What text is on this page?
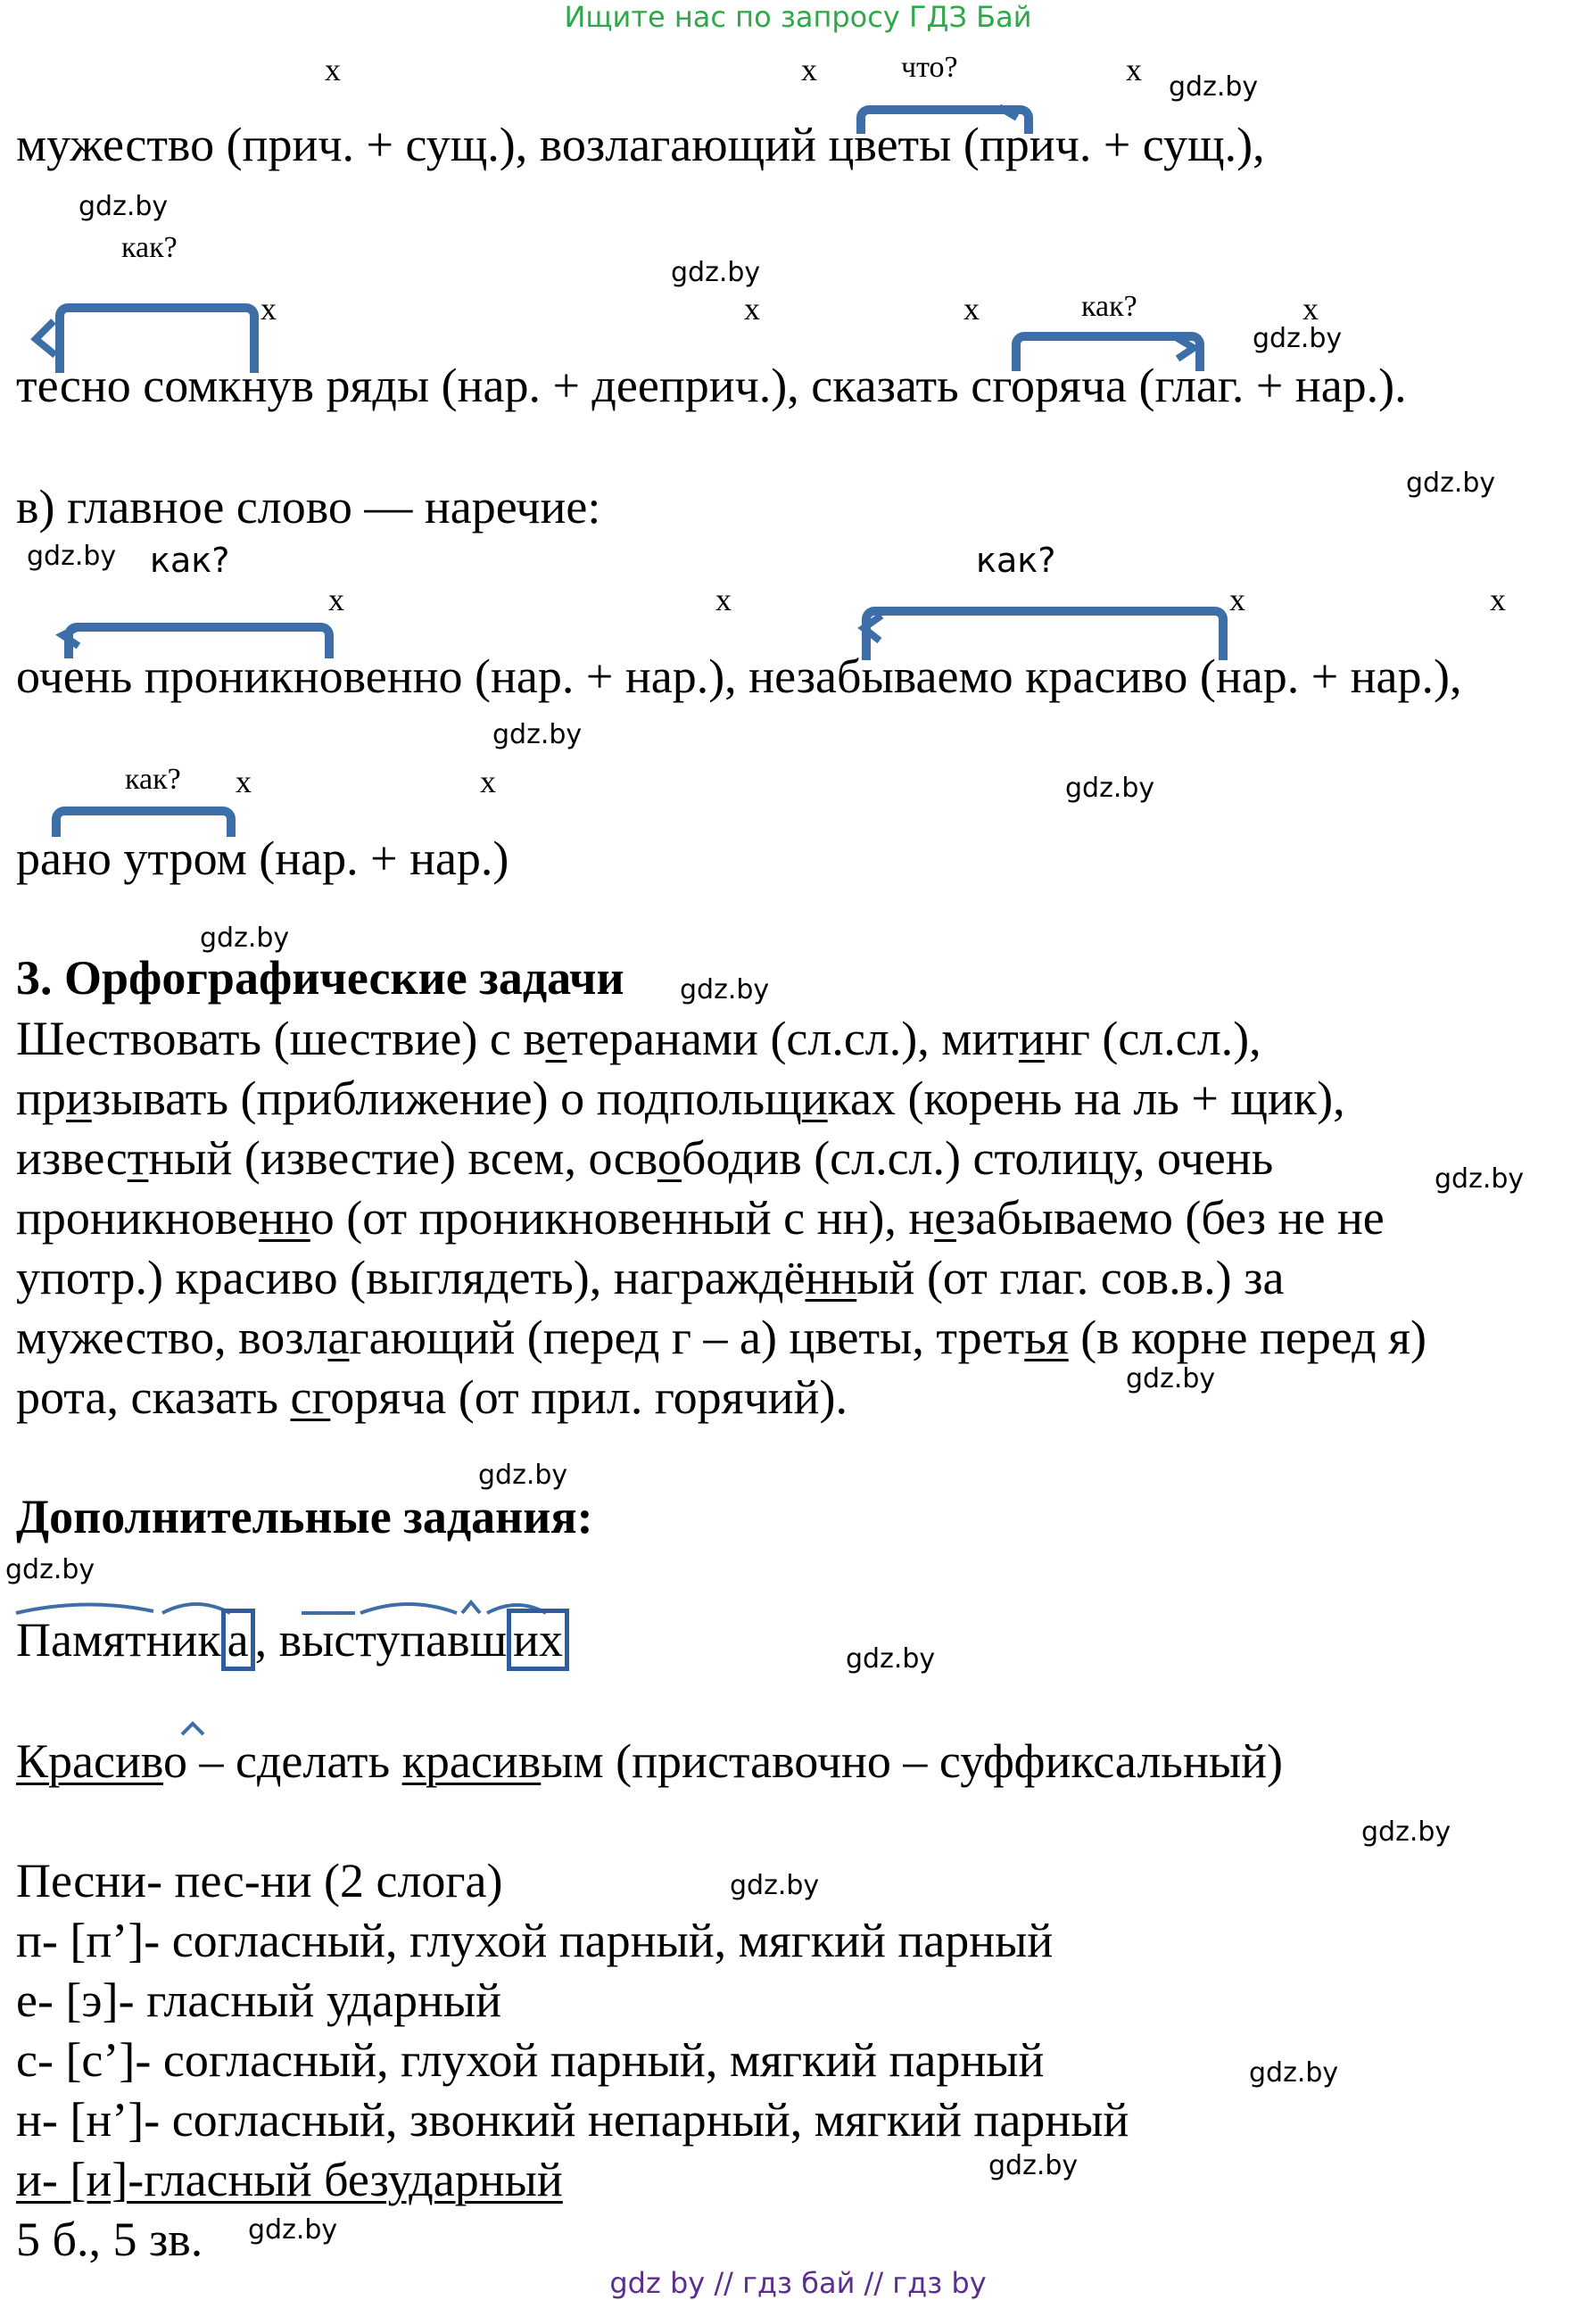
Ищите нас по запросу ГДЗ Бай
х	х	что?	х gdz.by
мужество (прич. + сущ.), возлагающий цветы (прич. + сущ.),
gdz.by
как?
gdz.by
х	х	х	как?	х
gdz.by
тесно сомкнув ряды (нар. + дееприч.), сказать сгоряча (глаг. + нар.).
gdz.by
в) главное слово — наречие:
gdz.by как?	как?
х	х	х	х
очень проникновенно (нар. + нар.), незабываемо красиво (нар. + нар.),
gdz.by
как? х	х	gdz.by
рано утром (нар. + нар.)
gdz.by
3. Орфографические задачи gdz.by
Шествовать (шествие) с ветеранами (сл.сл.), митинг (сл.сл.),
призывать (приближение) о подпольщиках (корень на ль + щик),
известный (известие) всем, освободив (сл.сл.) столицу, очень	gdz.by
проникновенно (от проникновенный с нн), незабываемо (без не не
употр.) красиво (выглядеть), награждённый (от глаг. сов.в.) за
мужество, возлагающий (перед г – а) цветы, третья (в корне перед я)
gdz.by
рота, сказать сгоряча (от прил. горячий).
gdz.by
Дополнительные задания:
gdz.by
Памятник а , выступавш их	gdz.by
Красиво – сделать красивым (приставочно – суффиксальный)
gdz.by
Песни- пес-ни (2 слога)	gdz.by
п- [п’]- согласный, глухой парный, мягкий парный
е- [э]- гласный ударный
с- [с’]- согласный, глухой парный, мягкий парный	gdz.by
н- [н’]- согласный, звонкий непарный, мягкий парный
gdz.by
и- [и]-гласный безударный
5 б., 5 зв. gdz.by
gdz by // гдз бай // гдз by
